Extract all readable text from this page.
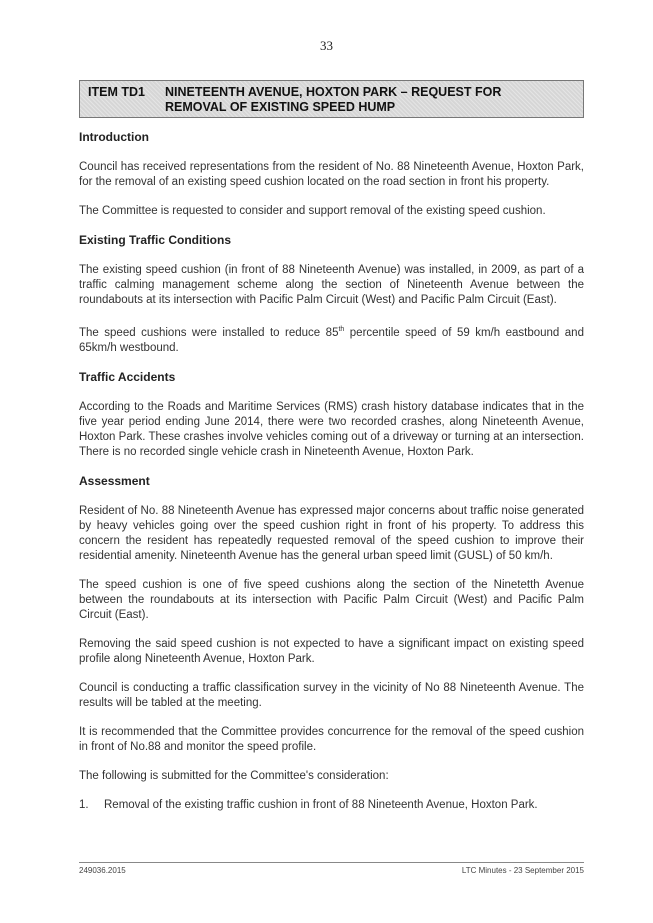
33
ITEM TD1 NINETEENTH AVENUE, HOXTON PARK – REQUEST FOR
REMOVAL OF EXISTING SPEED HUMP
Introduction

Council has received representations from the resident of No. 88 Nineteenth Avenue, Hoxton Park, for the removal of an existing speed cushion located on the road section in front his property.

The Committee is requested to consider and support removal of the existing speed cushion.

Existing Traffic Conditions

The existing speed cushion (in front of 88 Nineteenth Avenue) was installed, in 2009, as part of a traffic calming management scheme along the section of Nineteenth Avenue between the roundabouts at its intersection with Pacific Palm Circuit (West) and Pacific Palm Circuit (East).

The speed cushions were installed to reduce 85th percentile speed of 59 km/h eastbound and 65km/h westbound.

Traffic Accidents

According to the Roads and Maritime Services (RMS) crash history database indicates that in the five year period ending June 2014, there were two recorded crashes, along Nineteenth Avenue, Hoxton Park. These crashes involve vehicles coming out of a driveway or turning at an intersection. There is no recorded single vehicle crash in Nineteenth Avenue, Hoxton Park.

Assessment

Resident of No. 88 Nineteenth Avenue has expressed major concerns about traffic noise generated by heavy vehicles going over the speed cushion right in front of his property. To address this concern the resident has repeatedly requested removal of the speed cushion to improve their residential amenity. Nineteenth Avenue has the general urban speed limit (GUSL) of 50 km/h.

The speed cushion is one of five speed cushions along the section of the Ninetetth Avenue between the roundabouts at its intersection with Pacific Palm Circuit (West) and Pacific Palm Circuit (East).

Removing the said speed cushion is not expected to have a significant impact on existing speed profile along Nineteenth Avenue, Hoxton Park.

Council is conducting a traffic classification survey in the vicinity of No 88 Nineteenth Avenue. The results will be tabled at the meeting.

It is recommended that the Committee provides concurrence for the removal of the speed cushion in front of No.88 and monitor the speed profile.

The following is submitted for the Committee's consideration:

1.	Removal of the existing traffic cushion in front of 88 Nineteenth Avenue, Hoxton Park.
249036.2015	LTC Minutes - 23 September 2015
